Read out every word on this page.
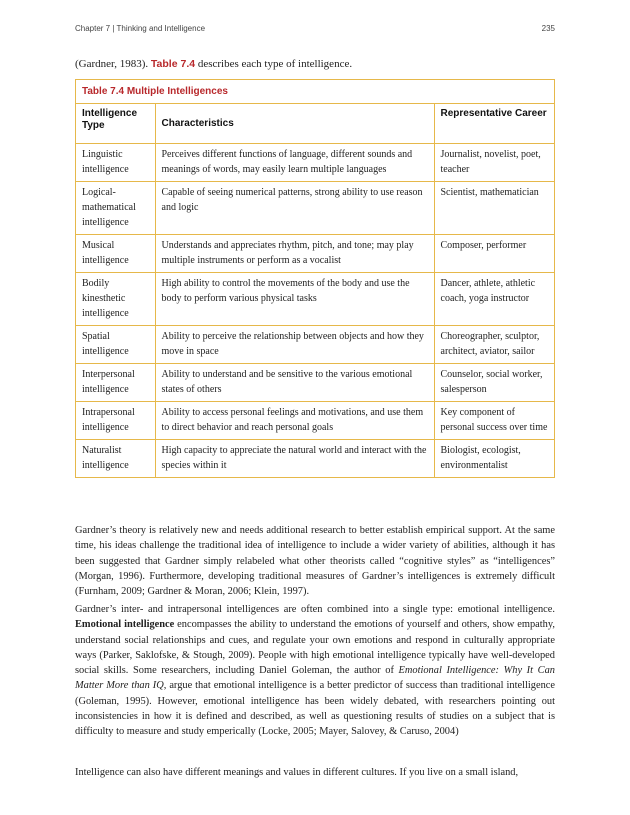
Chapter 7 | Thinking and Intelligence	235
(Gardner, 1983). Table 7.4 describes each type of intelligence.
Table 7.4 Multiple Intelligences
Intelligence Type	Characteristics	Representative Career
Linguistic intelligence	Perceives different functions of language, different sounds and meanings of words, may easily learn multiple languages	Journalist, novelist, poet, teacher
Logical-mathematical intelligence	Capable of seeing numerical patterns, strong ability to use reason and logic	Scientist, mathematician
Musical intelligence	Understands and appreciates rhythm, pitch, and tone; may play multiple instruments or perform as a vocalist	Composer, performer
Bodily kinesthetic intelligence	High ability to control the movements of the body and use the body to perform various physical tasks	Dancer, athlete, athletic coach, yoga instructor
Spatial intelligence	Ability to perceive the relationship between objects and how they move in space	Choreographer, sculptor, architect, aviator, sailor
Interpersonal intelligence	Ability to understand and be sensitive to the various emotional states of others	Counselor, social worker, salesperson
Intrapersonal intelligence	Ability to access personal feelings and motivations, and use them to direct behavior and reach personal goals	Key component of personal success over time
Naturalist intelligence	High capacity to appreciate the natural world and interact with the species within it	Biologist, ecologist, environmentalist

Gardner’s theory is relatively new and needs additional research to better establish empirical support. At the same time, his ideas challenge the traditional idea of intelligence to include a wider variety of abilities, although it has been suggested that Gardner simply relabeled what other theorists called “cognitive styles” as “intelligences” (Morgan, 1996). Furthermore, developing traditional measures of Gardner’s intelligences is extremely difficult (Furnham, 2009; Gardner & Moran, 2006; Klein, 1997).

Gardner’s inter- and intrapersonal intelligences are often combined into a single type: emotional intelligence. Emotional intelligence encompasses the ability to understand the emotions of yourself and others, show empathy, understand social relationships and cues, and regulate your own emotions and respond in culturally appropriate ways (Parker, Saklofske, & Stough, 2009). People with high emotional intelligence typically have well-developed social skills. Some researchers, including Daniel Goleman, the author of Emotional Intelligence: Why It Can Matter More than IQ, argue that emotional intelligence is a better predictor of success than traditional intelligence (Goleman, 1995). However, emotional intelligence has been widely debated, with researchers pointing out inconsistencies in how it is defined and described, as well as questioning results of studies on a subject that is difficulty to measure and study emperically (Locke, 2005; Mayer, Salovey, & Caruso, 2004)

Intelligence can also have different meanings and values in different cultures. If you live on a small island,
